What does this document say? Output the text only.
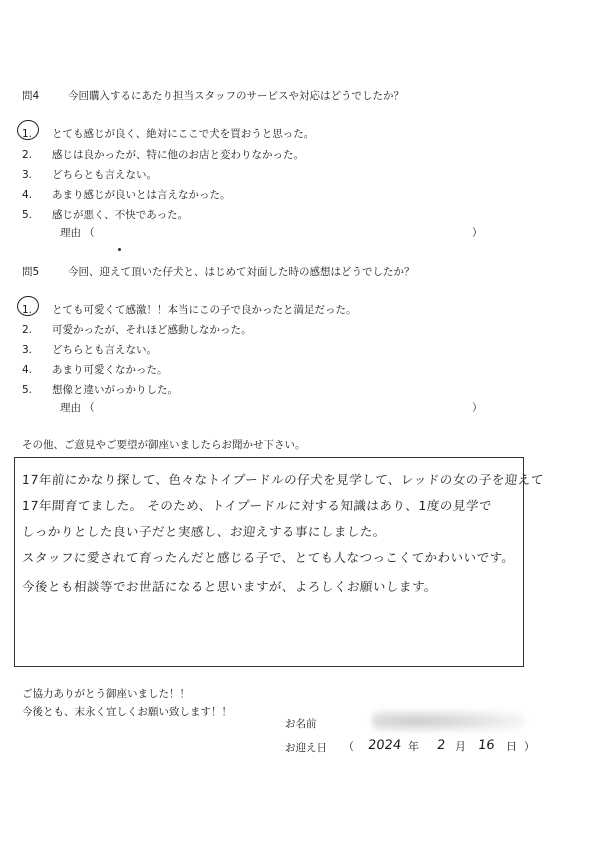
問4	今回購入するにあたり担当スタッフのサービスや対応はどうでしたか？
1. とても感じが良く、絶対にここで犬を買おうと思った。
2. 感じは良かったが、特に他のお店と変わりなかった。
3. どちらとも言えない。
4. あまり感じが良いとは言えなかった。
5. 感じが悪く、不快であった。
理由 （	）
問5	今回、迎えて頂いた仔犬と、はじめて対面した時の感想はどうでしたか？
1. とても可愛くて感激！！本当にこの子で良かったと満足だった。
2. 可愛かったが、それほど感動しなかった。
3. どちらとも言えない。
4. あまり可愛くなかった。
5. 想像と違いがっかりした。
理由 （	）
その他、ご意見やご要望が御座いましたらお聞かせ下さい。
17年前にかなり探して、色々なトイプードルの仔犬を見学して、レッドの女の子を迎えて
17年間育てました。 そのため、トイプードルに対する知識はあり、1度の見学で
しっかりとした良い子だと実感し、お迎えする事にしました。
スタッフに愛されて育ったんだと感じる子で、とても人なつっこくてかわいいです。
今後とも相談等でお世話になると思いますが、よろしくお願いします。
ご協力ありがとう御座いました！！
今後とも、末永く宜しくお願い致します！！
お名前
お迎え日 （ 2024 年 2 月 16 日 ）
